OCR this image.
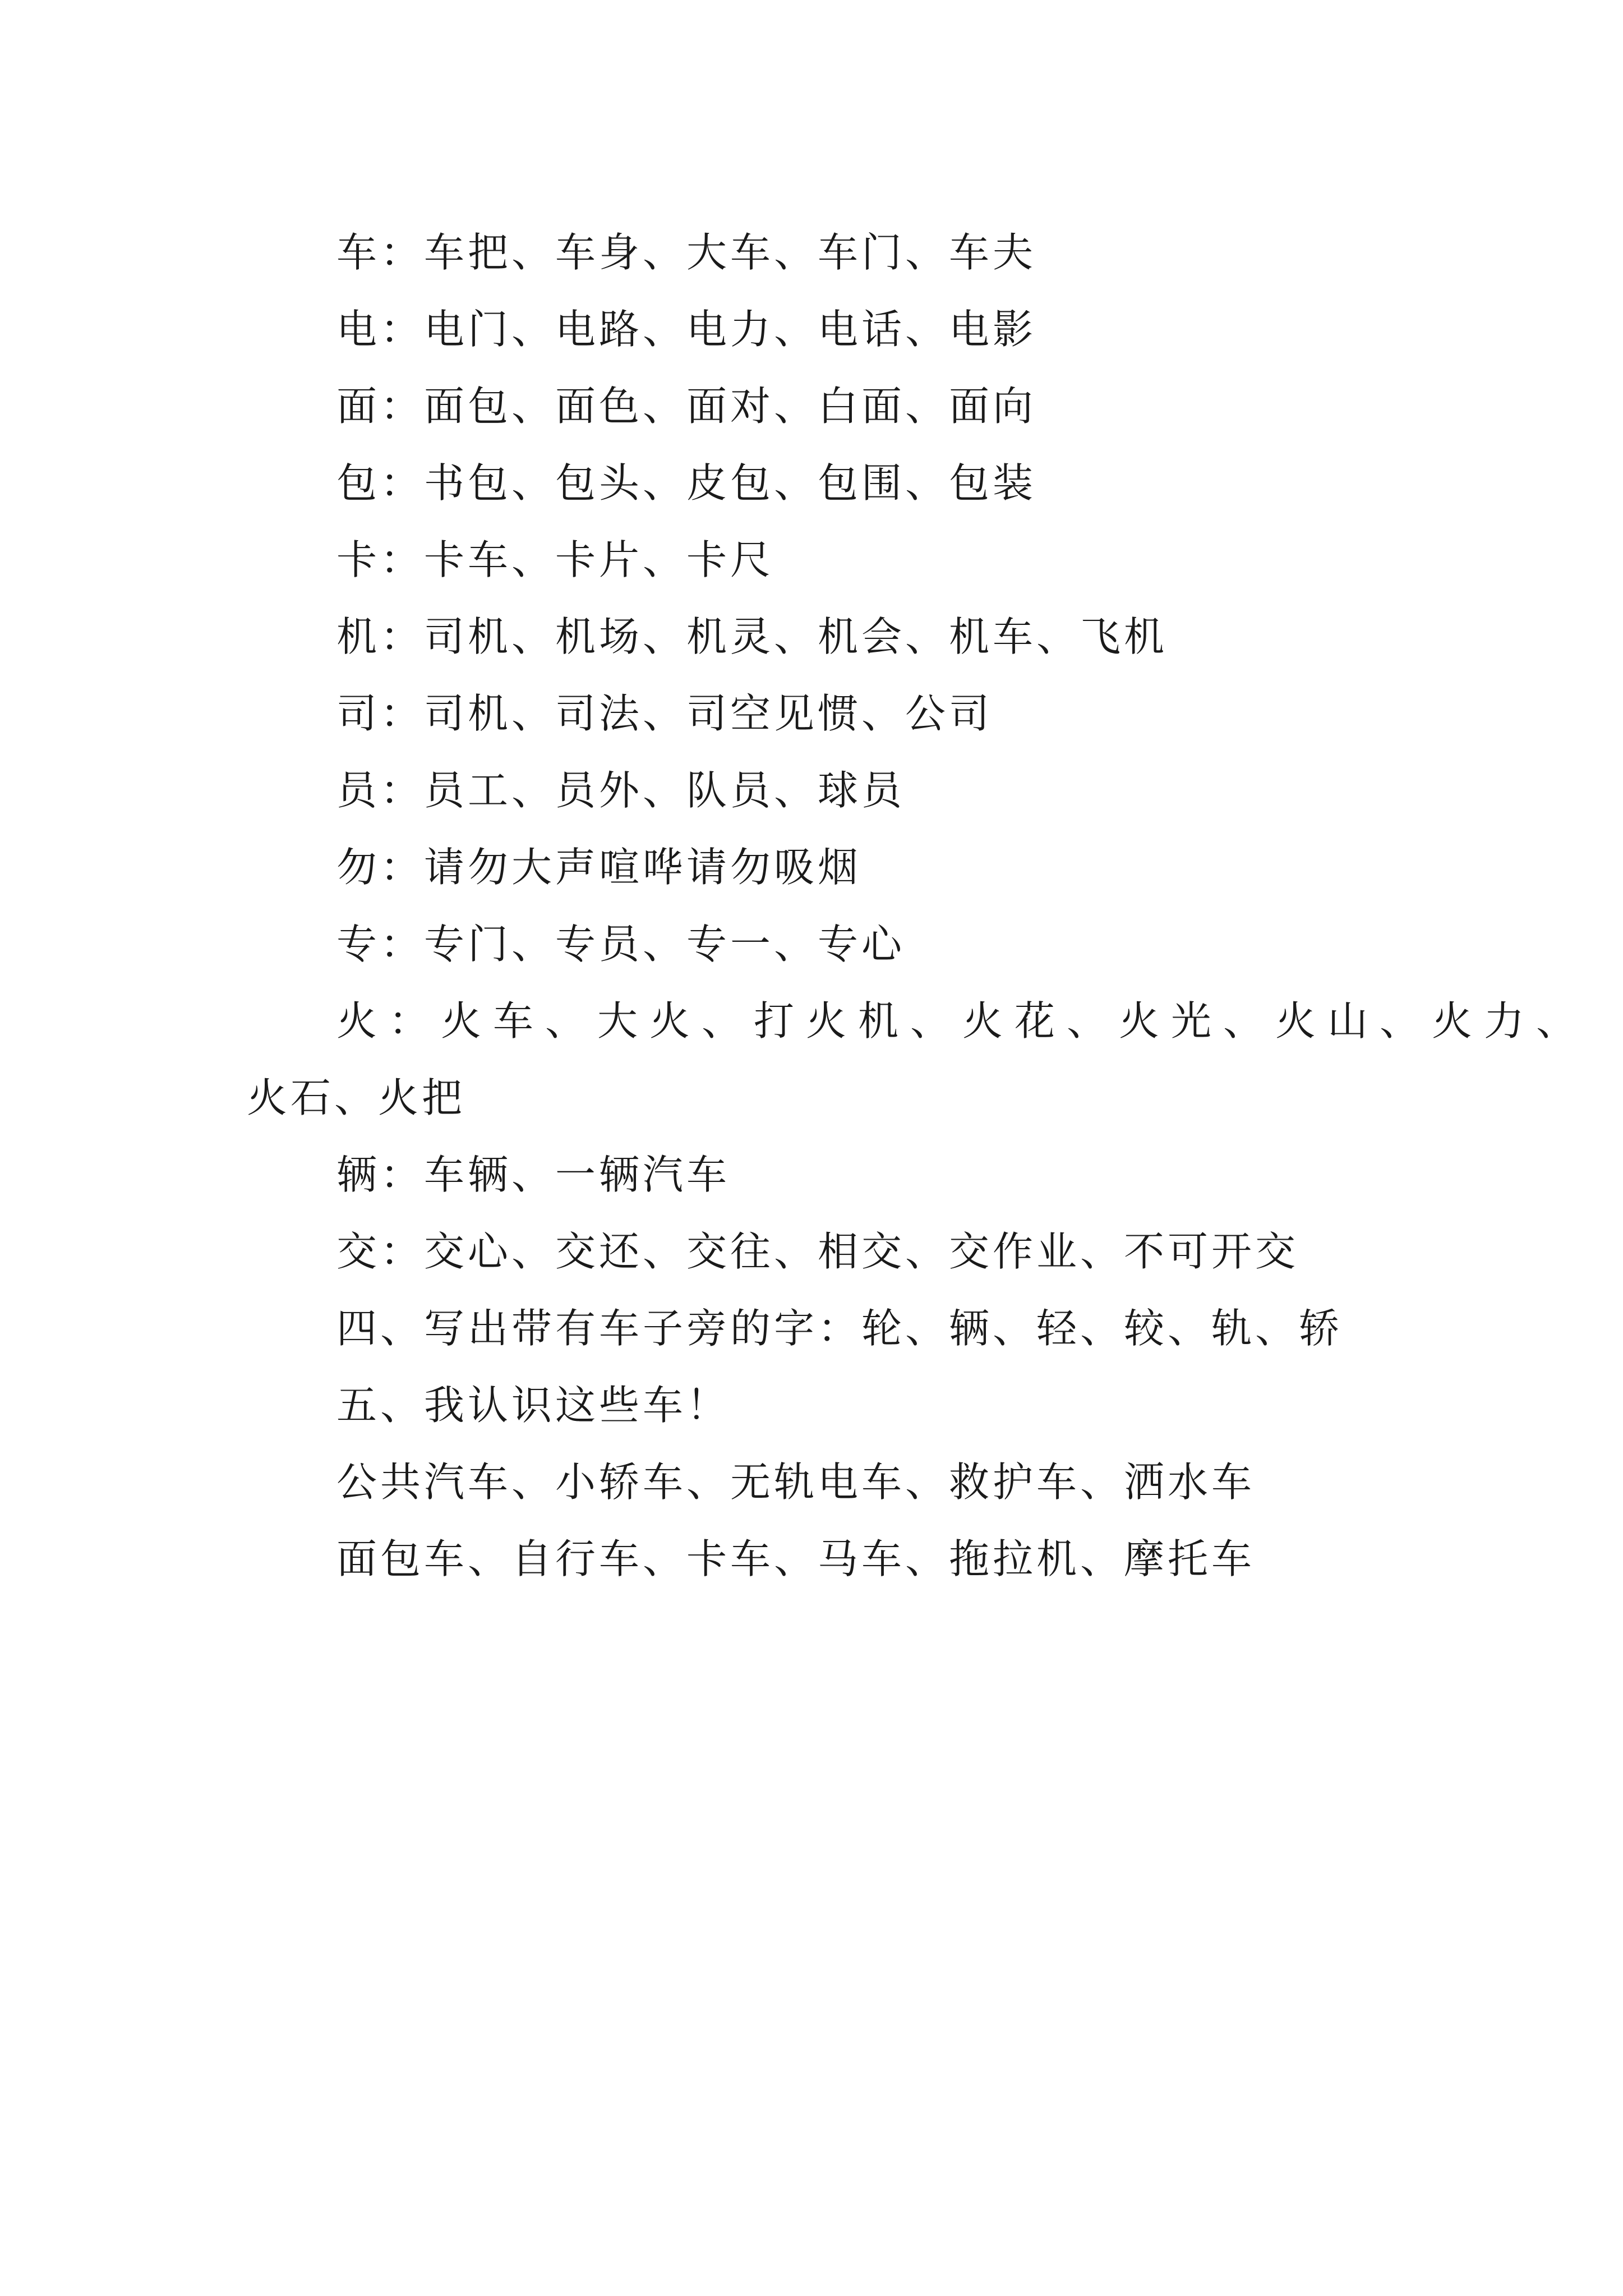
车：车把、车身、大车、车门、车夫
电：电门、电路、电力、电话、电影
面：面包、面色、面对、白面、面向
包：书包、包头、皮包、包围、包装
卡：卡车、卡片、卡尺
机：司机、机场、机灵、机会、机车、飞机
司：司机、司法、司空见惯、公司
员：员工、员外、队员、球员
勿：请勿大声喧哗请勿吸烟
专：专门、专员、专一、专心
火：火车、大火、打火机、火花、火光、火山、火力、
火石、火把
辆：车辆、一辆汽车
交：交心、交还、交往、相交、交作业、不可开交
四、写出带有车子旁的字：轮、辆、轻、较、轨、轿
五、我认识这些车！
公共汽车、小轿车、无轨电车、救护车、洒水车
面包车、自行车、卡车、马车、拖拉机、摩托车
